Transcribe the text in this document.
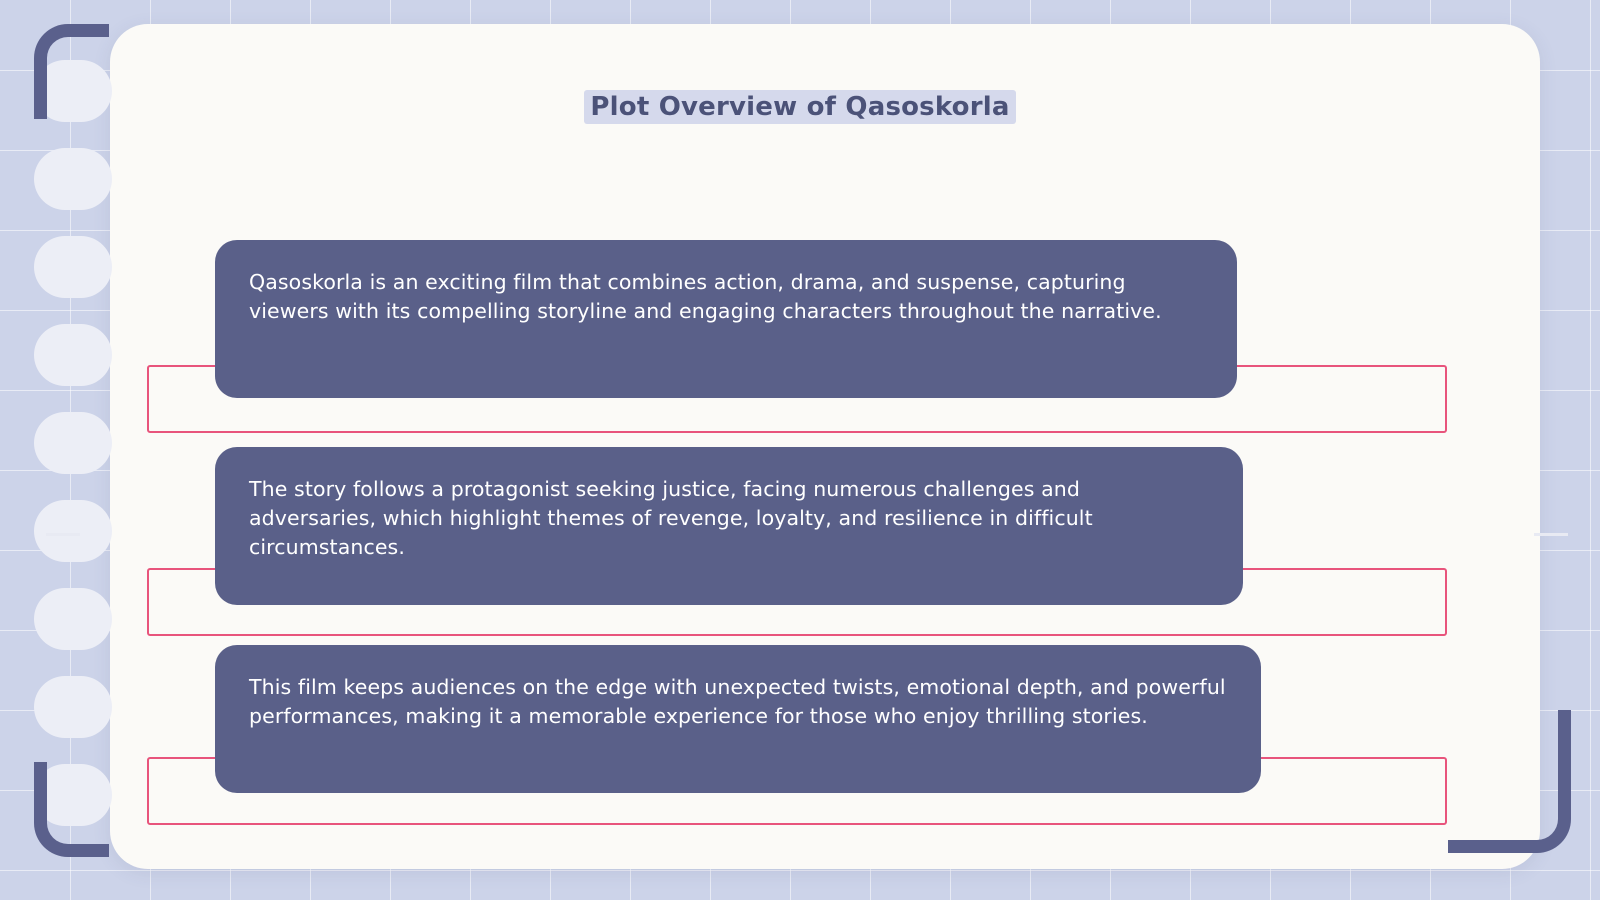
Plot Overview of Qasoskorla
Qasoskorla is an exciting film that combines action, drama, and suspense, capturing viewers with its compelling storyline and engaging characters throughout the narrative.
The story follows a protagonist seeking justice, facing numerous challenges and adversaries, which highlight themes of revenge, loyalty, and resilience in difficult circumstances.
This film keeps audiences on the edge with unexpected twists, emotional depth, and powerful performances, making it a memorable experience for those who enjoy thrilling stories.
